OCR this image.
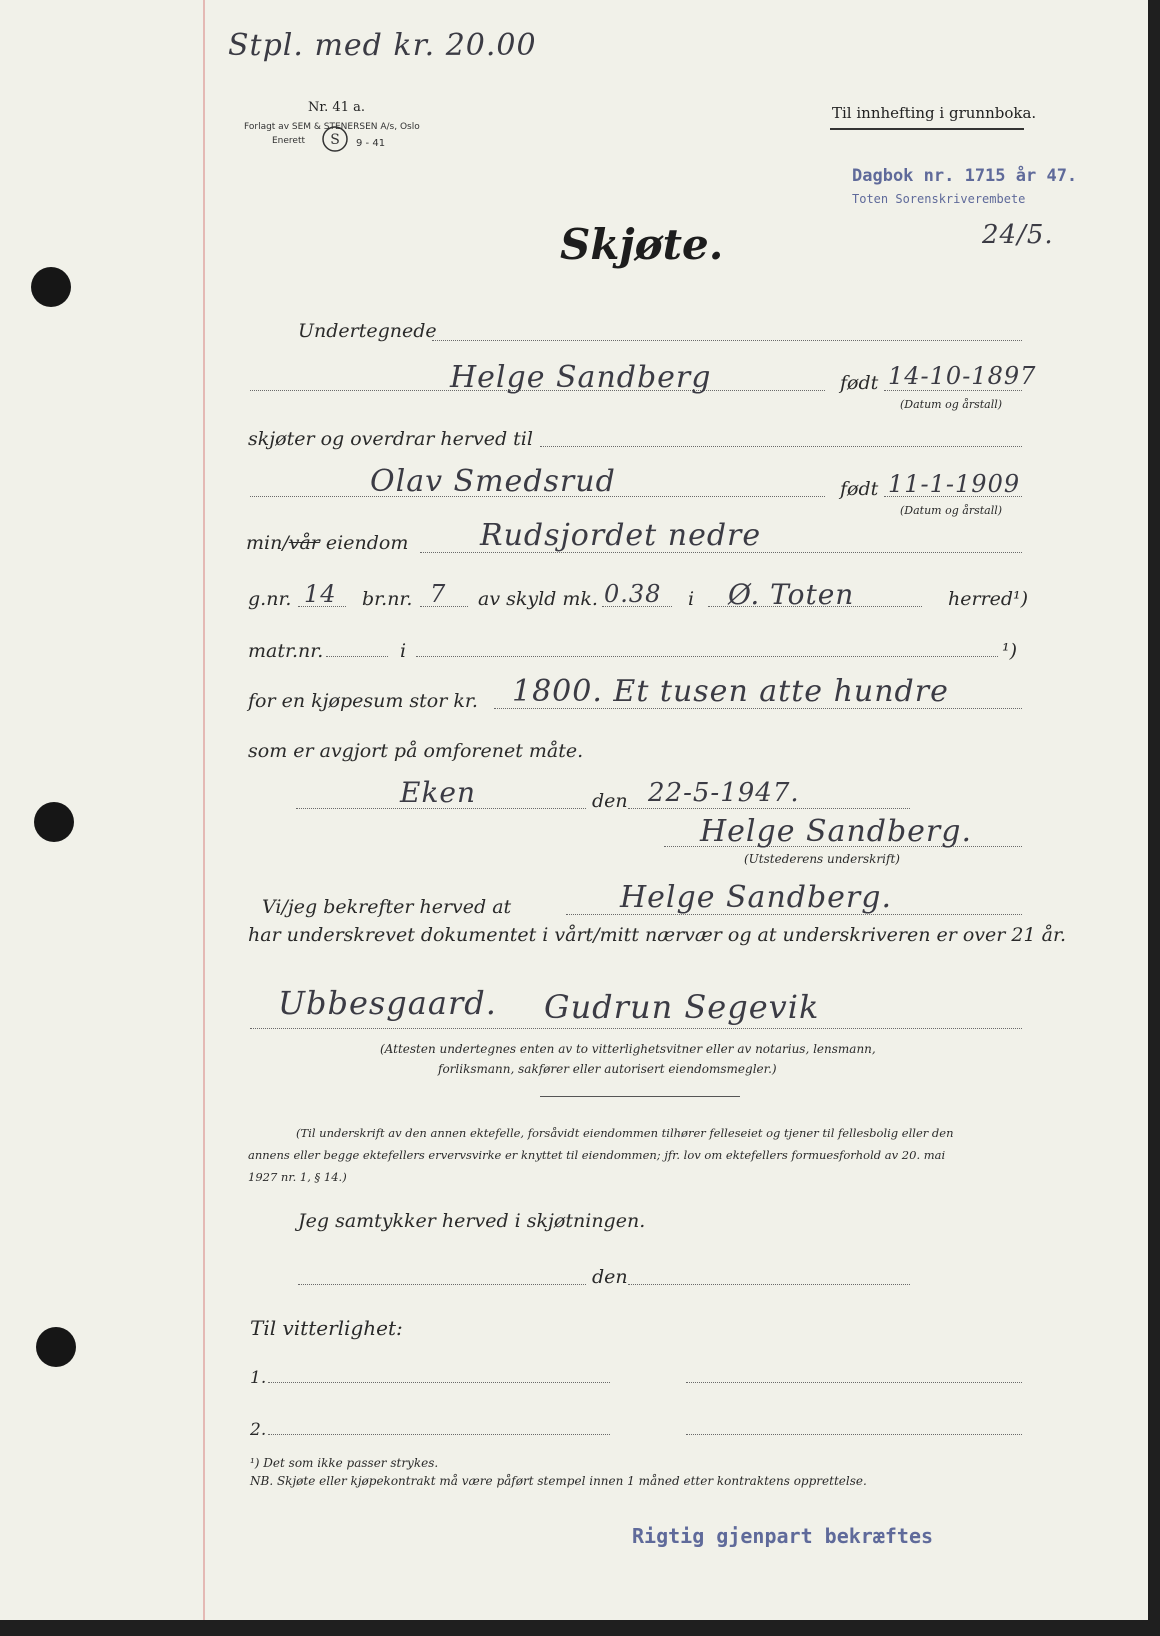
Stpl. med kr. 20.00
Nr. 41 a.
Forlagt av SEM & STENERSEN A/s, Oslo
Enerett S 9 - 41
Til innhefting i grunnboka.
Dagbok nr. 1715 år 47.
Toten Sorenskriverembete
24/5.
Skjøte.
Undertegnede
Helge Sandberg	født 14-10-1897
(Datum og årstall)
skjøter og overdrar herved til
Olav Smedsrud	født 11-1-1909
(Datum og årstall)
min/vår eiendom Rudsjordet nedre
g.nr. 14 br.nr. 7 av skyld mk. 0.38 i Ø. Toten	herred¹)
matr.nr.	i	¹)
for en kjøpesum stor kr. 1800. Et tusen atte hundre
som er avgjort på omforenet måte.
Eken	den 22-5-1947.
Helge Sandberg.
(Utstederens underskrift)
Vi/jeg bekrefter herved at	Helge Sandberg.
har underskrevet dokumentet i vårt/mitt nærvær og at underskriveren er over 21 år.
Ubbesgaard. Gudrun Segevik
(Attesten undertegnes enten av to vitterlighetsvitner eller av notarius, lensmann,
forliksmann, sakfører eller autorisert eiendomsmegler.)
(Til underskrift av den annen ektefelle, forsåvidt eiendommen tilhører felleseiet og tjener til fellesbolig eller den
annens eller begge ektefellers ervervsvirke er knyttet til eiendommen; jfr. lov om ektefellers formuesforhold av 20. mai
1927 nr. 1, § 14.)
Jeg samtykker herved i skjøtningen.
den
Til vitterlighet:
1.
2.
¹) Det som ikke passer strykes.
NB. Skjøte eller kjøpekontrakt må være påført stempel innen 1 måned etter kontraktens opprettelse.
Rigtig gjenpart bekræftes
